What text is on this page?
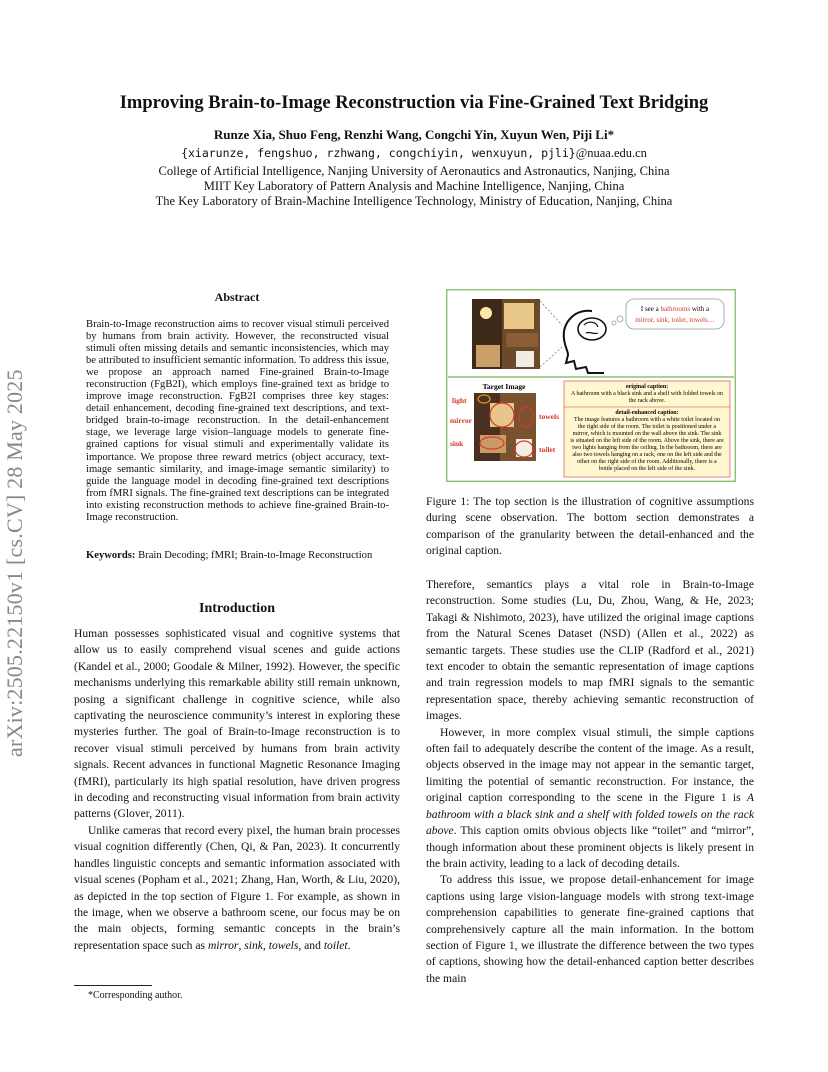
arXiv:2505.22150v1 [cs.CV] 28 May 2025
Improving Brain-to-Image Reconstruction via Fine-Grained Text Bridging
Runze Xia, Shuo Feng, Renzhi Wang, Congchi Yin, Xuyun Wen, Piji Li*
{xiarunze, fengshuo, rzhwang, congchiyin, wenxuyun, pjli}@nuaa.edu.cn
College of Artificial Intelligence, Nanjing University of Aeronautics and Astronautics, Nanjing, China
MIIT Key Laboratory of Pattern Analysis and Machine Intelligence, Nanjing, China
The Key Laboratory of Brain-Machine Intelligence Technology, Ministry of Education, Nanjing, China
Abstract

Brain-to-Image reconstruction aims to recover visual stimuli perceived by humans from brain activity. However, the reconstructed visual stimuli often missing details and semantic inconsistencies, which may be attributed to insufficient semantic information. To address this issue, we propose an approach named Fine-grained Brain-to-Image reconstruction (FgB2I), which employs fine-grained text as bridge to improve image reconstruction. FgB2I comprises three key stages: detail enhancement, decoding fine-grained text descriptions, and text-bridged brain-to-image reconstruction. In the detail-enhancement stage, we leverage large vision–language models to generate fine-grained captions for visual stimuli and experimentally validate its importance. We propose three reward metrics (object accuracy, text-image semantic similarity, and image-image semantic similarity) to guide the language model in decoding fine-grained text descriptions from fMRI signals. The fine-grained text descriptions can be integrated into existing reconstruction methods to achieve fine-grained Brain-to-Image reconstruction.

Keywords: Brain Decoding; fMRI; Brain-to-Image Reconstruction
Introduction

Human possesses sophisticated visual and cognitive systems that allow us to easily comprehend visual scenes and guide actions (Kandel et al., 2000; Goodale & Milner, 1992). However, the specific mechanisms underlying this remarkable ability still remain unknown, posing a significant challenge in cognitive science, while also captivating the neuroscience community’s interest in exploring these mysteries further. The goal of Brain-to-Image reconstruction is to recover visual stimuli perceived by humans from brain activity signals. Recent advances in functional Magnetic Resonance Imaging (fMRI), particularly its high spatial resolution, have driven progress in decoding and reconstructing visual information from brain activity patterns (Glover, 2011).

Unlike cameras that record every pixel, the human brain processes visual cognition differently (Chen, Qi, & Pan, 2023). It concurrently handles linguistic concepts and semantic information associated with visual scenes (Popham et al., 2021; Zhang, Han, Worth, & Liu, 2020), as depicted in the top section of Figure 1. For example, as shown in the image, when we observe a bathroom scene, our focus may be on the main objects, forming semantic concepts in the brain’s representation space such as mirror, sink, towels, and toilet.

*Corresponding author.
I see a bathrooms with a
mirror, sink, toilet, towels…
Target Image
light
mirror
sink
towels
toilet
original caption:
A bathroom with a black sink and a shelf with folded towels on
the rack above.
detail-enhanced caption:
The image features a bathroom with a white toilet located on
the right side of the room. The toilet is positioned under a
mirror, which is mounted on the wall above the sink. The sink
is situated on the left side of the room. Above the sink, there are
two lights hanging from the ceiling. In the bathroom, there are
also two towels hanging on a rack, one on the left side and the
other on the right side of the room. Additionally, there is a
bottle placed on the left side of the sink.
Figure 1: The top section is the illustration of cognitive assumptions during scene observation. The bottom section demonstrates a comparison of the granularity between the detail-enhanced and the original caption.

Therefore, semantics plays a vital role in Brain-to-Image reconstruction. Some studies (Lu, Du, Zhou, Wang, & He, 2023; Takagi & Nishimoto, 2023), have utilized the original image captions from the Natural Scenes Dataset (NSD) (Allen et al., 2022) as semantic targets. These studies use the CLIP (Radford et al., 2021) text encoder to obtain the semantic representation of image captions and train regression models to map fMRI signals to the semantic representation space, thereby achieving semantic reconstruction of images.

However, in more complex visual stimuli, the simple captions often fail to adequately describe the content of the image. As a result, objects observed in the image may not appear in the semantic target, limiting the potential of semantic reconstruction. For instance, the original caption corresponding to the scene in the Figure 1 is A bathroom with a black sink and a shelf with folded towels on the rack above. This caption omits obvious objects like “toilet” and “mirror”, though information about these prominent objects is likely present in the brain activity, leading to a lack of decoding details.

To address this issue, we propose detail-enhancement for image captions using large vision-language models with strong text-image comprehension capabilities to generate fine-grained captions that comprehensively capture all the main information. In the bottom section of Figure 1, we illustrate the difference between the two types of captions, showing how the detail-enhanced caption better describes the main
